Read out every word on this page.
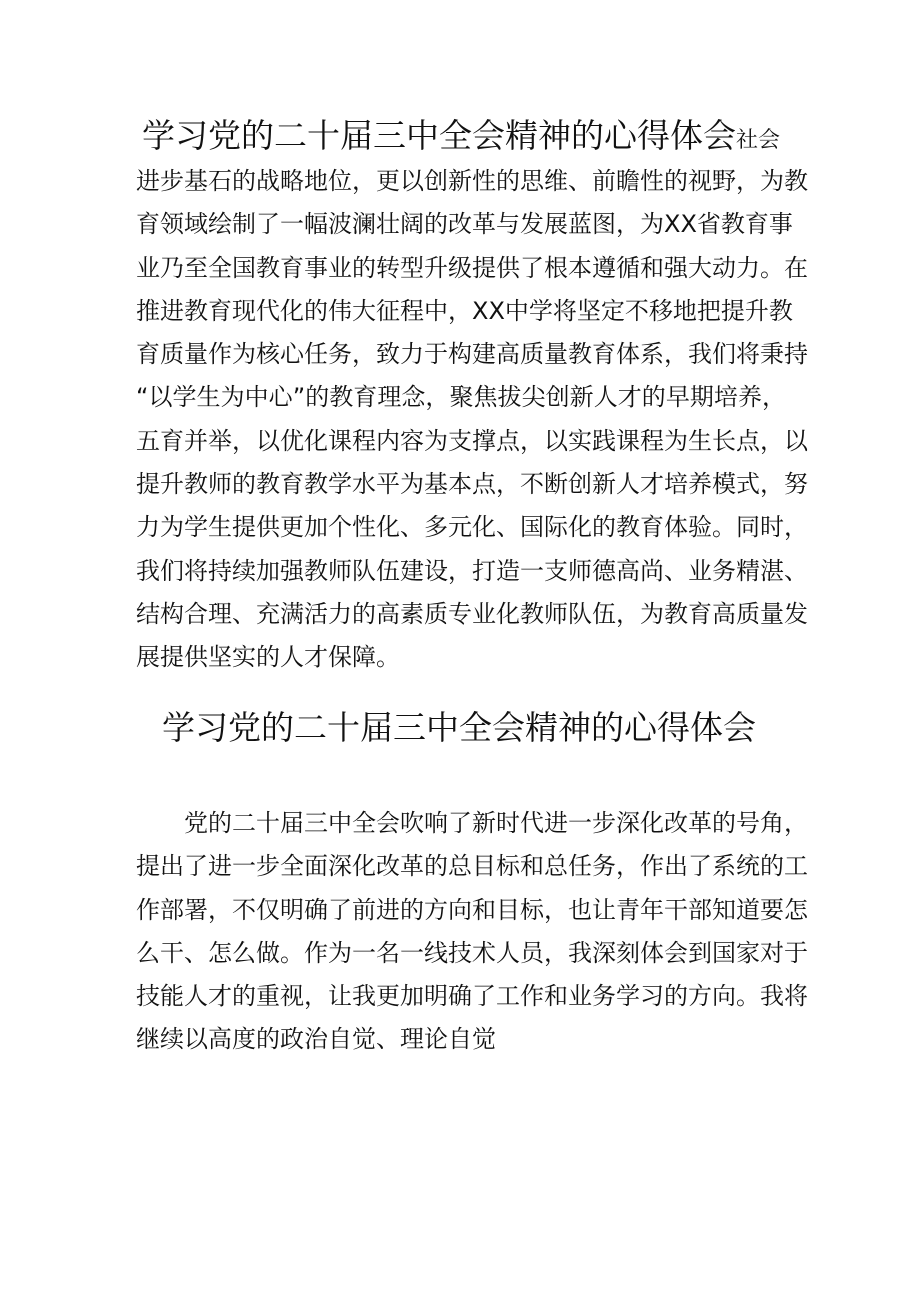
学习党的二十届三中全会精神的心得体会社会
进步基石的战略地位，更以创新性的思维、前瞻性的视野，为教
育领域绘制了一幅波澜壮阔的改革与发展蓝图，为XX省教育事
业乃至全国教育事业的转型升级提供了根本遵循和强大动力。在
推进教育现代化的伟大征程中，XX中学将坚定不移地把提升教
育质量作为核心任务，致力于构建高质量教育体系，我们将秉持
“以学生为中心”的教育理念，聚焦拔尖创新人才的早期培养，
五育并举，以优化课程内容为支撑点，以实践课程为生长点，以
提升教师的教育教学水平为基本点，不断创新人才培养模式，努
力为学生提供更加个性化、多元化、国际化的教育体验。同时，
我们将持续加强教师队伍建设，打造一支师德高尚、业务精湛、
结构合理、充满活力的高素质专业化教师队伍，为教育高质量发
展提供坚实的人才保障。
学习党的二十届三中全会精神的心得体会
党的二十届三中全会吹响了新时代进一步深化改革的号角，
提出了进一步全面深化改革的总目标和总任务，作出了系统的工
作部署，不仅明确了前进的方向和目标，也让青年干部知道要怎
么干、怎么做。作为一名一线技术人员，我深刻体会到国家对于
技能人才的重视，让我更加明确了工作和业务学习的方向。我将
继续以高度的政治自觉、理论自觉
